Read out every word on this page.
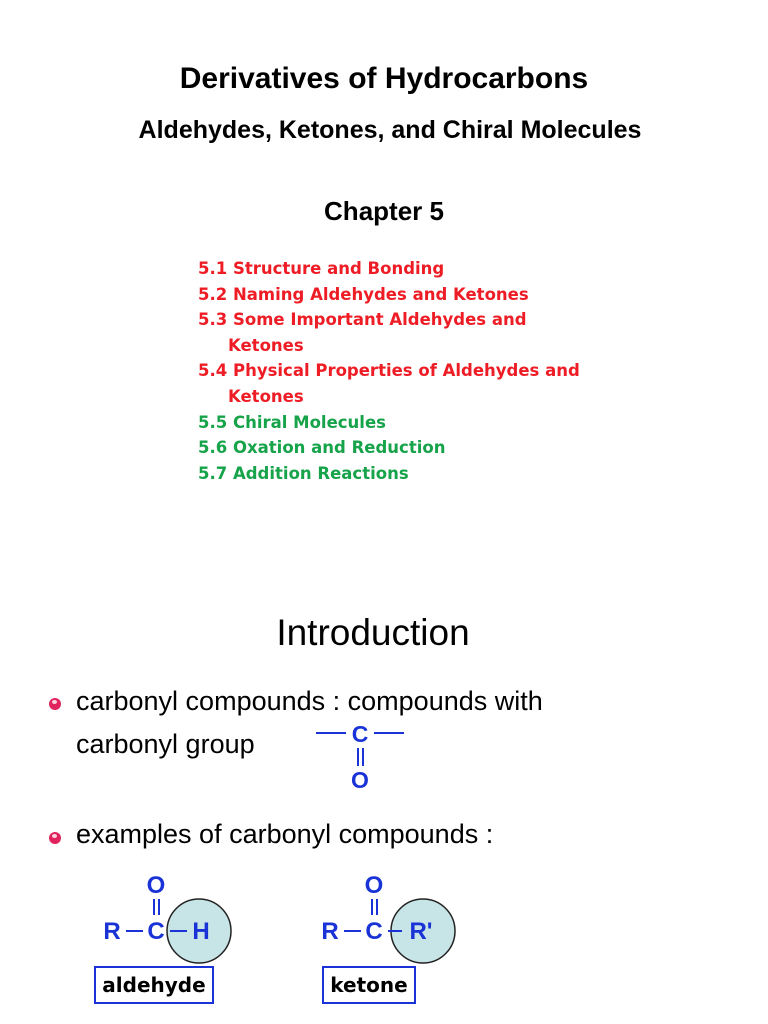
Derivatives of Hydrocarbons
Aldehydes, Ketones, and Chiral Molecules
Chapter 5
5.1 Structure and Bonding
5.2 Naming Aldehydes and Ketones
5.3 Some Important Aldehydes and
Ketones
5.4 Physical Properties of Aldehydes and
Ketones
5.5 Chiral Molecules
5.6 Oxation and Reduction
5.7 Addition Reactions
Introduction
carbonyl compounds : compounds with
carbonyl group	C
O
examples of carbonyl compounds :
O
R C H
aldehyde
O
R C R'
ketone
